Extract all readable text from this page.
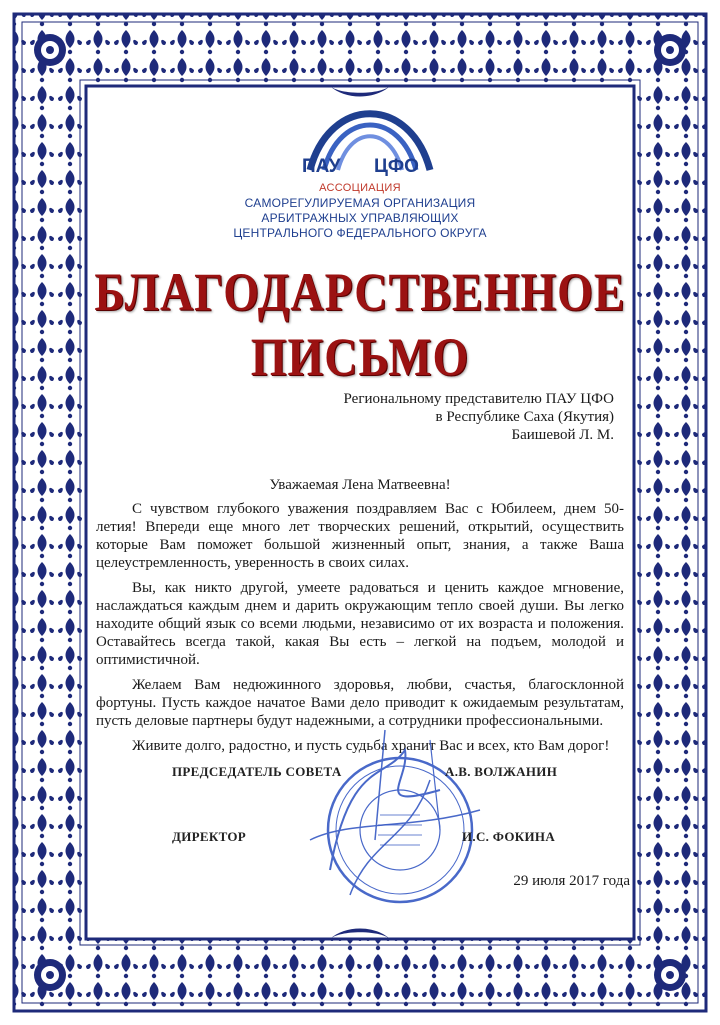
ПАУ ЦФО
АССОЦИАЦИЯ
САМОРЕГУЛИРУЕМАЯ ОРГАНИЗАЦИЯ
АРБИТРАЖНЫХ УПРАВЛЯЮЩИХ
ЦЕНТРАЛЬНОГО ФЕДЕРАЛЬНОГО ОКРУГА
БЛАГОДАРСТВЕННОЕ
ПИСЬМО
Региональному представителю ПАУ ЦФО
в Республике Саха (Якутия)
Баишевой Л. М.
Уважаемая Лена Матвеевна!

С чувством глубокого уважения поздравляем Вас с Юбилеем, днем 50-летия! Впереди еще много лет творческих решений, открытий, осуществить которые Вам поможет большой жизненный опыт, знания, а также Ваша целеустремленность, уверенность в своих силах.

Вы, как никто другой, умеете радоваться и ценить каждое мгновение, наслаждаться каждым днем и дарить окружающим тепло своей души. Вы легко находите общий язык со всеми людьми, независимо от их возраста и положения. Оставайтесь всегда такой, какая Вы есть – легкой на подъем, молодой и оптимистичной.

Желаем Вам недюжинного здоровья, любви, счастья, благосклонной фортуны. Пусть каждое начатое Вами дело приводит к ожидаемым результатам, пусть деловые партнеры будут надежными, а сотрудники профессиональными.

Живите долго, радостно, и пусть судьба хранит Вас и всех, кто Вам дорог!

ПРЕДСЕДАТЕЛЬ СОВЕТА	А.В. ВОЛЖАНИН
ДИРЕКТОР	И.С. ФОКИНА
29 июля 2017 года
